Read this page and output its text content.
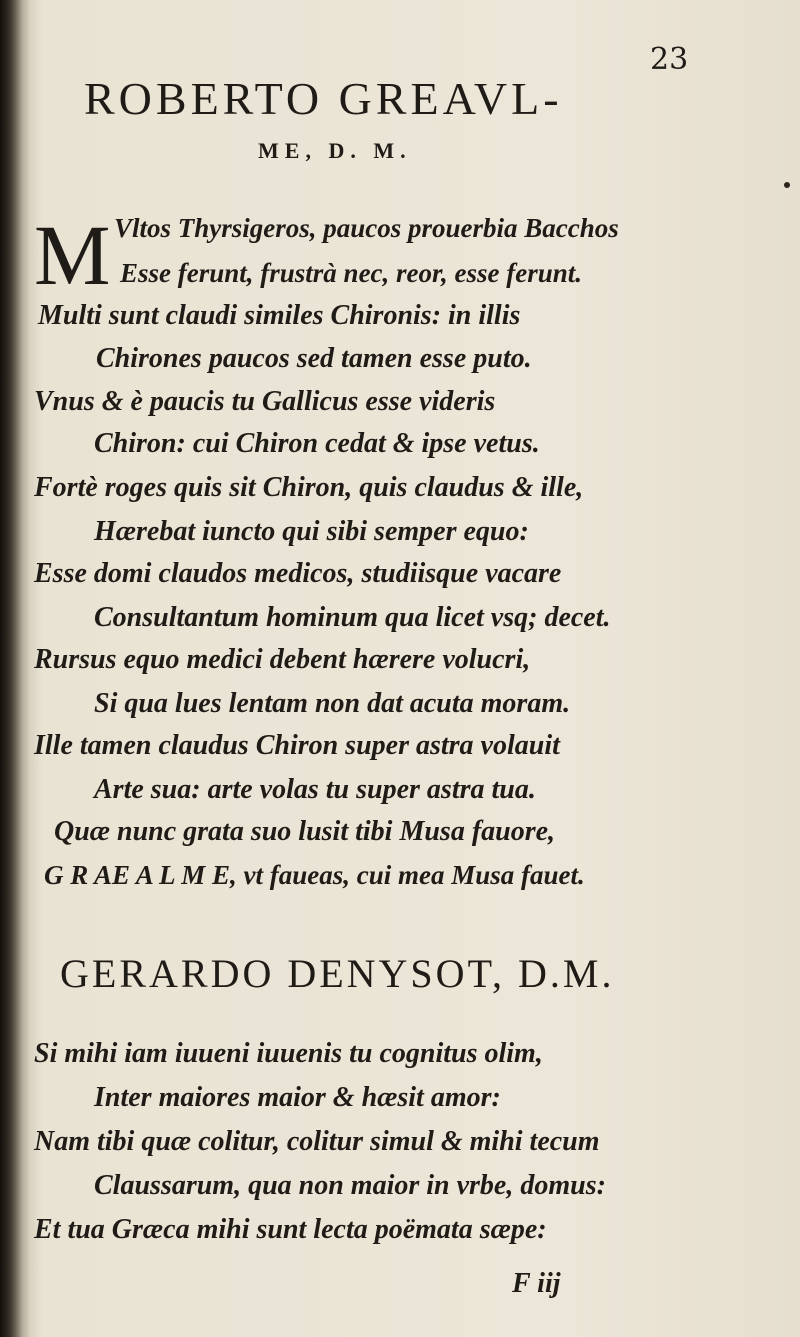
23
ROBERTO GREAVL-
ME, D. M.
M Vltos Thyrsigeros, paucos prouerbia Bacchos
Esse ferunt, frustrà nec, reor, esse ferunt.
Multi sunt claudi similes Chironis: in illis
Chirones paucos sed tamen esse puto.
Vnus & è paucis tu Gallicus esse videris
Chiron: cui Chiron cedat & ipse vetus.
Fortè roges quis sit Chiron, quis claudus & ille,
Hærebat iuncto qui sibi semper equo:
Esse domi claudos medicos, studiisque vacare
Consultantum hominum qua licet vsq; decet.
Rursus equo medici debent hærere volucri,
Si qua lues lentam non dat acuta moram.
Ille tamen claudus Chiron super astra volauit
Arte sua: arte volas tu super astra tua.
Quæ nunc grata suo lusit tibi Musa fauore,
G R AE A L M E, vt faueas, cui mea Musa fauet.
GERARDO DENYSOT, D.M.
Si mihi iam iuueni iuuenis tu cognitus olim,
Inter maiores maior & hæsit amor:
Nam tibi quæ colitur, colitur simul & mihi tecum
Claussarum, qua non maior in vrbe, domus:
Et tua Græca mihi sunt lecta poëmata sæpe:
F iij
